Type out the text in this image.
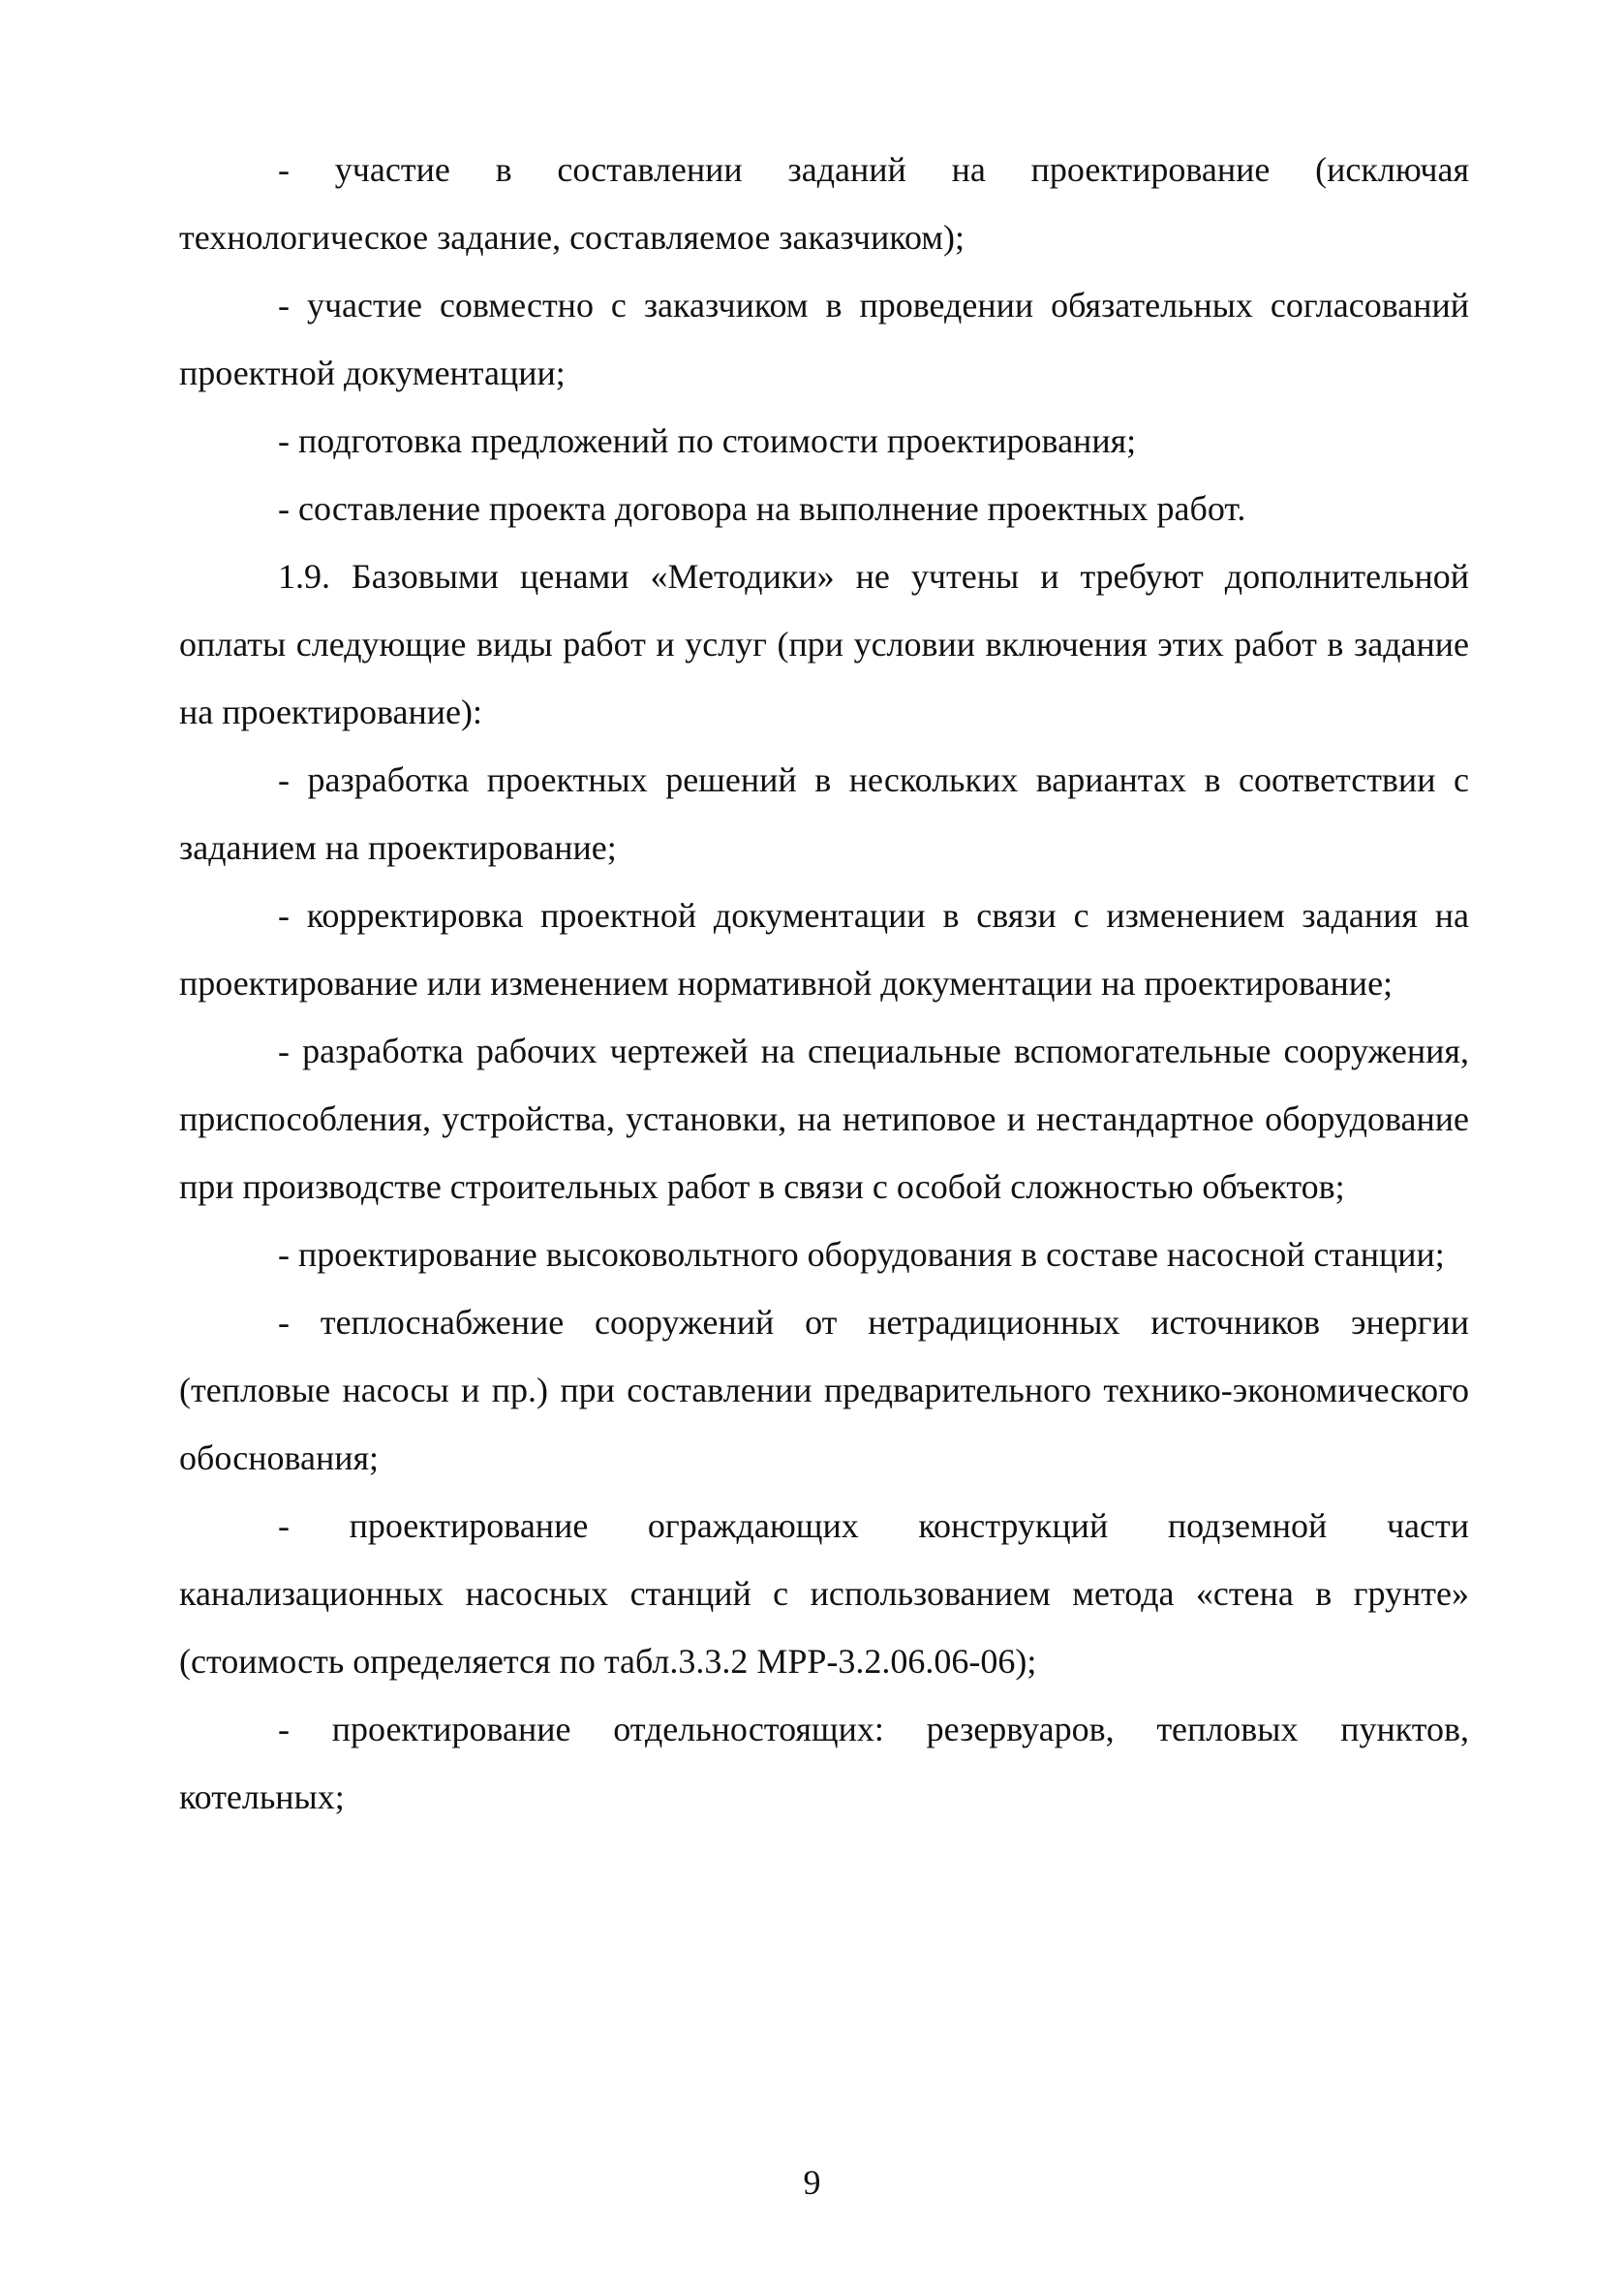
- участие в составлении заданий на проектирование (исключая технологическое задание, составляемое заказчиком);

- участие совместно с заказчиком в проведении обязательных согласований проектной документации;

- подготовка предложений по стоимости проектирования;

- составление проекта договора на выполнение проектных работ.

1.9. Базовыми ценами «Методики» не учтены и требуют дополнительной оплаты следующие виды работ и услуг (при условии включения этих работ в задание на проектирование):

- разработка проектных решений в нескольких вариантах в соответствии с заданием на проектирование;

- корректировка проектной документации в связи с изменением задания на проектирование или изменением нормативной документации на проектирование;

- разработка рабочих чертежей на специальные вспомогательные сооружения, приспособления, устройства, установки, на нетиповое и нестандартное оборудование при производстве строительных работ в связи с особой сложностью объектов;

- проектирование высоковольтного оборудования в составе насосной станции;

- теплоснабжение сооружений от нетрадиционных источников энергии (тепловые насосы и пр.) при составлении предварительного технико-экономического обоснования;

- проектирование ограждающих конструкций подземной части канализационных насосных станций с использованием метода «стена в грунте» (стоимость определяется по табл.3.3.2 МРР-3.2.06.06-06);

- проектирование отдельностоящих: резервуаров, тепловых пунктов, котельных;

9
